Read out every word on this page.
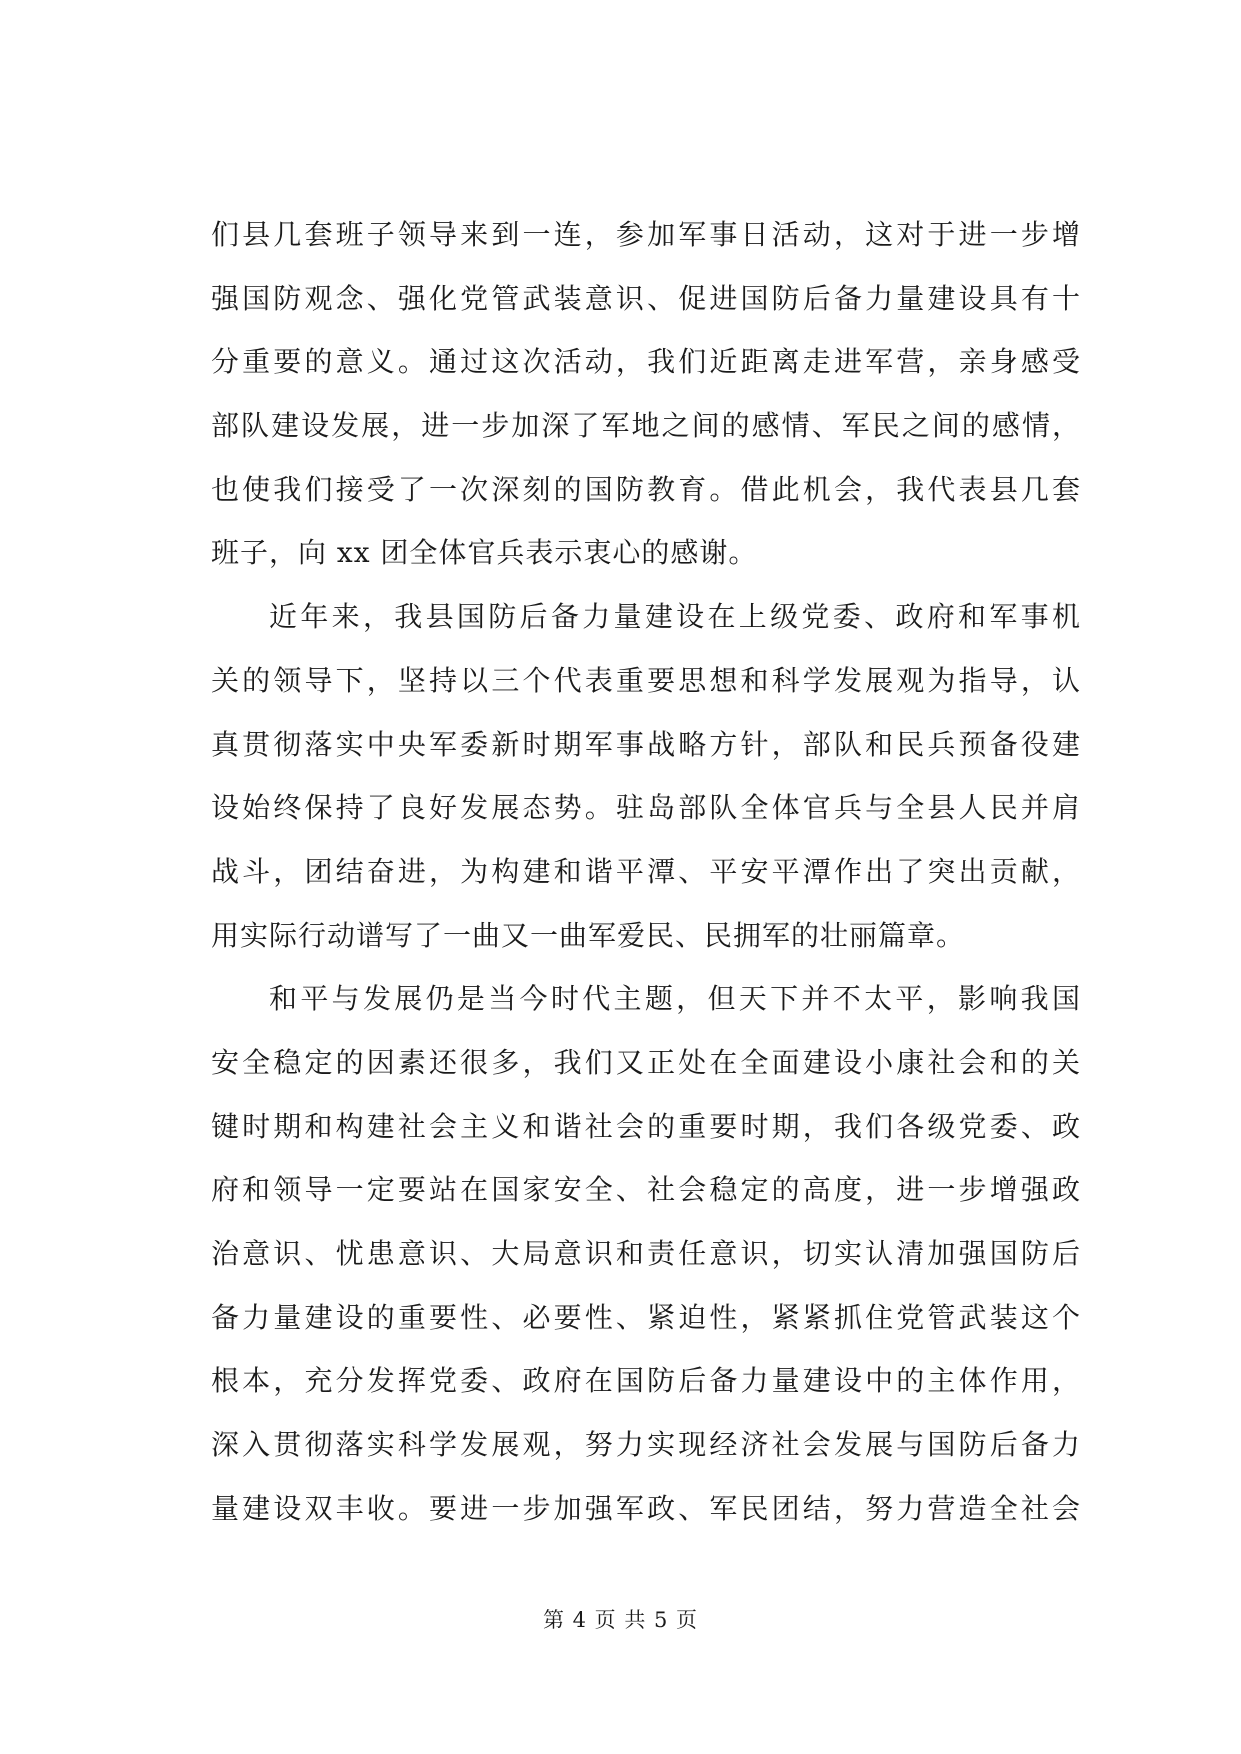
们县几套班子领导来到一连，参加军事日活动，这对于进一步增
强国防观念、强化党管武装意识、促进国防后备力量建设具有十
分重要的意义。通过这次活动，我们近距离走进军营，亲身感受
部队建设发展，进一步加深了军地之间的感情、军民之间的感情，
也使我们接受了一次深刻的国防教育。借此机会，我代表县几套
班子，向 xx 团全体官兵表示衷心的感谢。
近年来，我县国防后备力量建设在上级党委、政府和军事机
关的领导下，坚持以三个代表重要思想和科学发展观为指导，认
真贯彻落实中央军委新时期军事战略方针，部队和民兵预备役建
设始终保持了良好发展态势。驻岛部队全体官兵与全县人民并肩
战斗，团结奋进，为构建和谐平潭、平安平潭作出了突出贡献，
用实际行动谱写了一曲又一曲军爱民、民拥军的壮丽篇章。
和平与发展仍是当今时代主题，但天下并不太平，影响我国
安全稳定的因素还很多，我们又正处在全面建设小康社会和的关
键时期和构建社会主义和谐社会的重要时期，我们各级党委、政
府和领导一定要站在国家安全、社会稳定的高度，进一步增强政
治意识、忧患意识、大局意识和责任意识，切实认清加强国防后
备力量建设的重要性、必要性、紧迫性，紧紧抓住党管武装这个
根本，充分发挥党委、政府在国防后备力量建设中的主体作用，
深入贯彻落实科学发展观，努力实现经济社会发展与国防后备力
量建设双丰收。要进一步加强军政、军民团结，努力营造全社会
第 4 页 共 5 页
